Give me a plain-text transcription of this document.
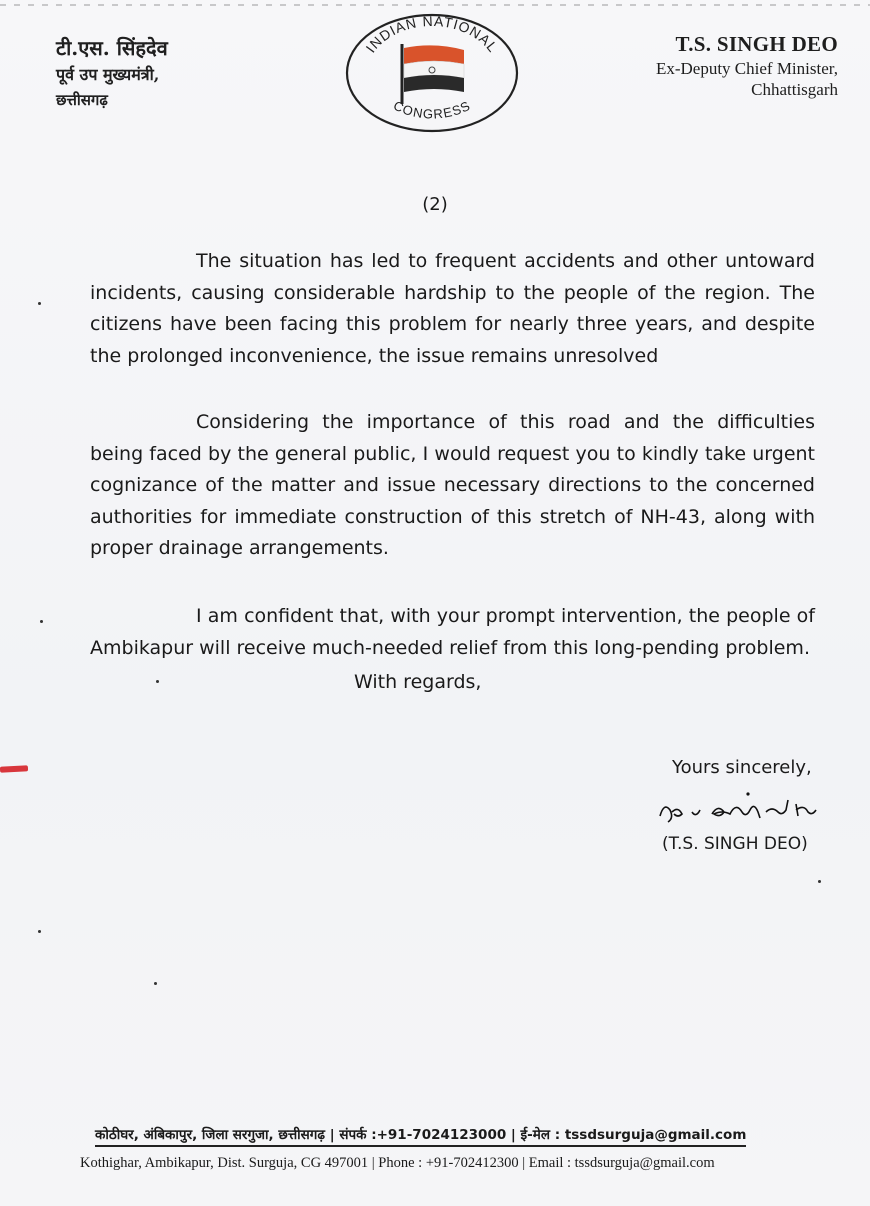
टी.एस. सिंहदेव
पूर्व उप मुख्यमंत्री,
छत्तीसगढ़
INDIAN NATIONAL
CONGRESS
T.S. SINGH DEO
Ex-Deputy Chief Minister,
Chhattisgarh
(2)
The situation has led to frequent accidents and other untoward incidents, causing considerable hardship to the people of the region. The citizens have been facing this problem for nearly three years, and despite the prolonged inconvenience, the issue remains unresolved
Considering the importance of this road and the difficulties being faced by the general public, I would request you to kindly take urgent cognizance of the matter and issue necessary directions to the concerned authorities for immediate construction of this stretch of NH-43, along with proper drainage arrangements.
I am confident that, with your prompt intervention, the people of Ambikapur will receive much-needed relief from this long-pending problem.
With regards,
Yours sincerely,
(T.S. SINGH DEO)
कोठीघर, अंबिकापुर, जिला सरगुजा, छत्तीसगढ़ | संपर्क :+91-7024123000 | ई-मेल : tssdsurguja@gmail.com
Kothighar, Ambikapur, Dist. Surguja, CG 497001 | Phone : +91-702412300 | Email : tssdsurguja@gmail.com
